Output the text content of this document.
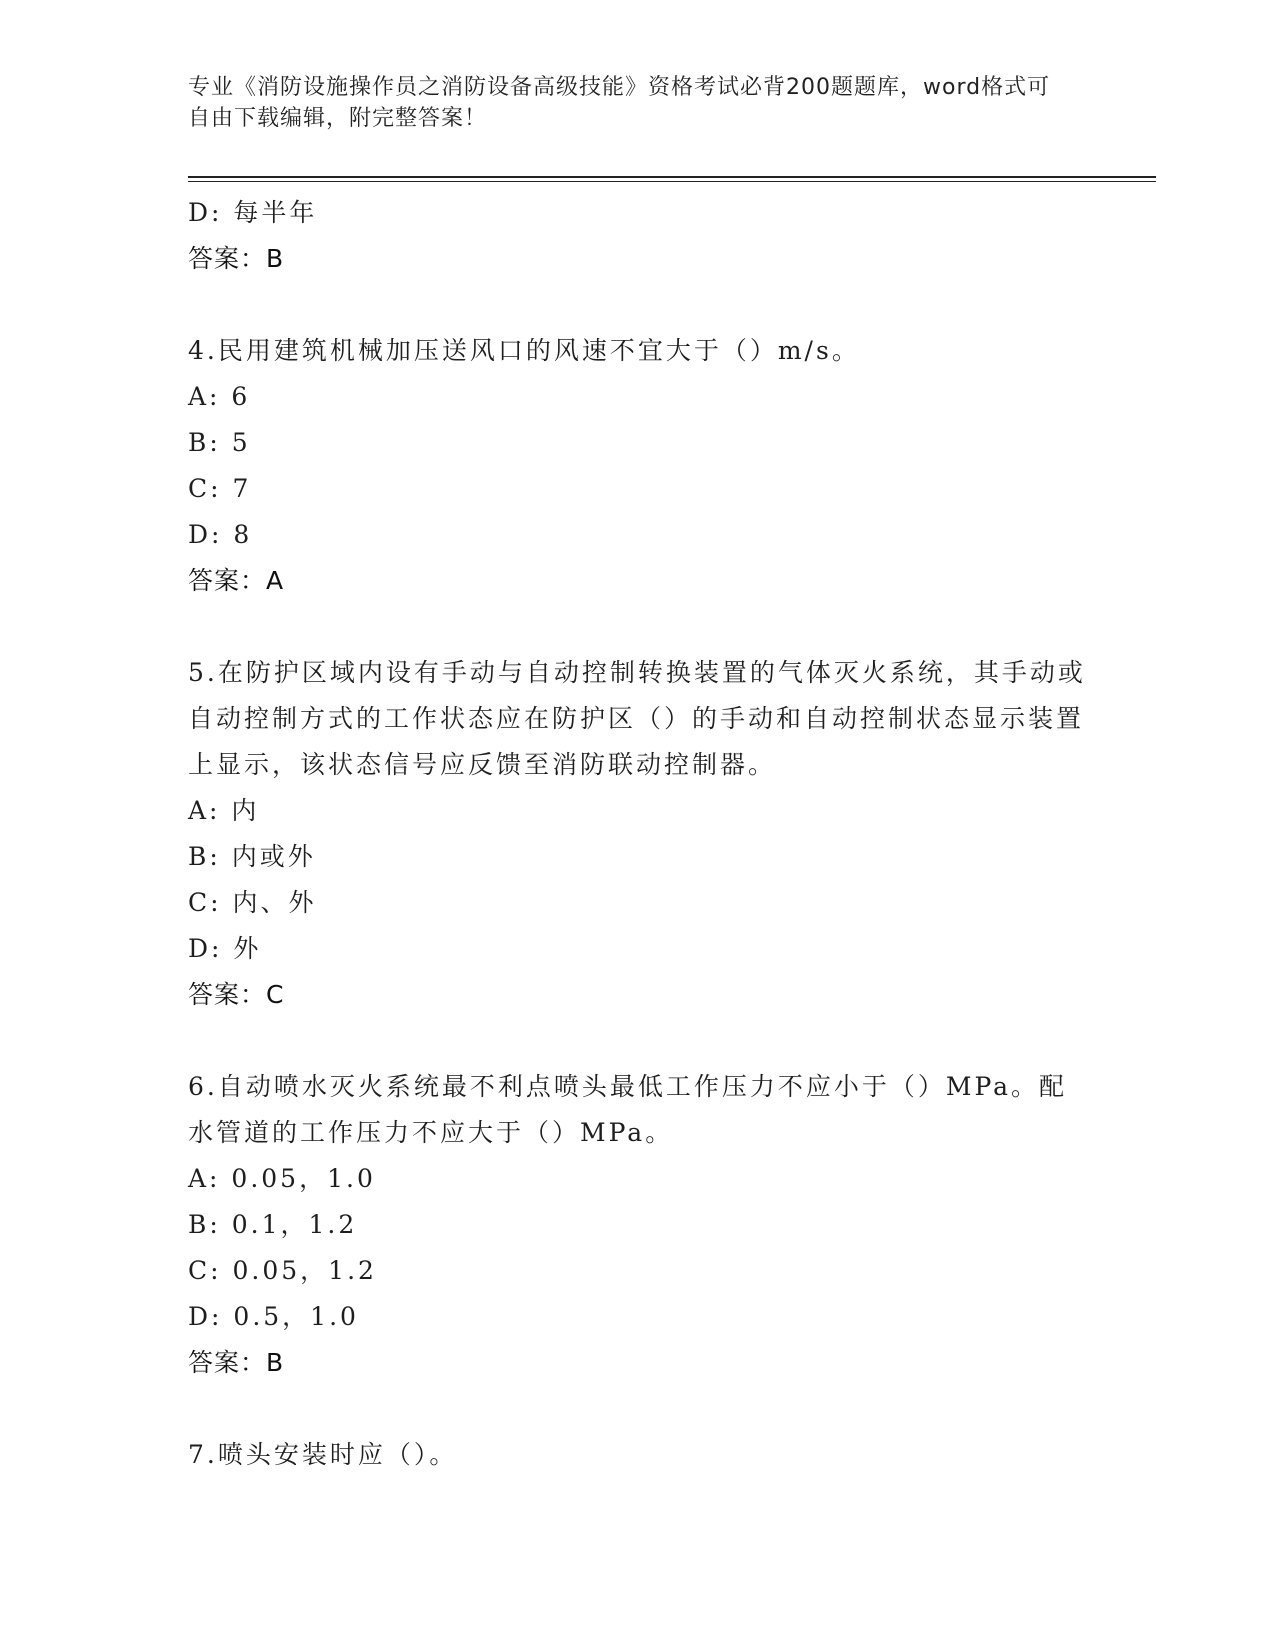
专业《消防设施操作员之消防设备高级技能》资格考试必背200题题库，word格式可自由下载编辑，附完整答案！
D: 每半年
答案：B
4.民用建筑机械加压送风口的风速不宜大于（）m/s。
A: 6
B: 5
C: 7
D: 8
答案：A
5.在防护区域内设有手动与自动控制转换装置的气体灭火系统，其手动或自动控制方式的工作状态应在防护区（）的手动和自动控制状态显示装置上显示，该状态信号应反馈至消防联动控制器。
A: 内
B: 内或外
C: 内、外
D: 外
答案：C
6.自动喷水灭火系统最不利点喷头最低工作压力不应小于（）MPa。配水管道的工作压力不应大于（）MPa。
A: 0.05，1.0
B: 0.1，1.2
C: 0.05，1.2
D: 0.5，1.0
答案：B
7.喷头安装时应（）。
